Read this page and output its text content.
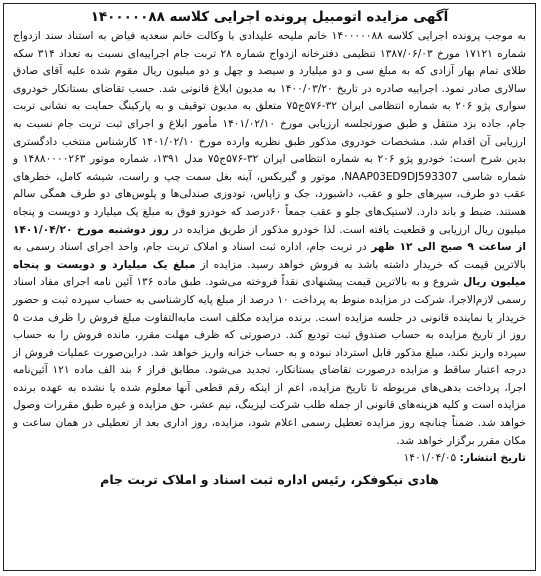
آگهی مزایده اتومبیل پرونده اجرایی کلاسه ۱۴۰۰۰۰۰۸۸

به موجب پرونده اجرایی کلاسه ۱۴۰۰۰۰۰۸۸ خانم ملیحه علیدادی با وکالت خانم سعدیه فیاض به استناد سند ازدواج شماره ۱۷۱۲۱ مورخ ۱۳۸۷/۰۶/۰۳ تنظیمی دفترخانه ازدواج شماره ۲۸ تربت جام اجراییه‌ای نسبت به تعداد ۳۱۴ سکه طلای تمام بهار آزادی که به مبلغ سی و دو میلیارد و سیصد و چهل و دو میلیون ریال مقوم شده علیه آقای صادق سالاری صادر نمود. اجراییه صادره در تاریخ ۱۴۰۰/۰۳/۲۰ به مدیون ابلاغ قانونی شد. حسب تقاضای بستانکار خودروی سواری پژو ۲۰۶ به شماره انتظامی ایران ۳۲-۵۷۶ج۷۵ متعلق به مدیون توقیف و به پارکینگ حمایت به نشانی تربت جام، جاده بزد منتقل و طبق صورتجلسه ارزیابی مورخ ۱۴۰۱/۰۲/۱۰ مأمور ابلاغ و اجرای ثبت تربت جام نسبت به ارزیابی آن اقدام شد. مشخصات خودروی مذکور طبق نظریه وارده مورخ ۱۴۰۱/۰۲/۱۰ کارشناس منتخب دادگستری بدین شرح است: خودرو پژو ۲۰۶ به شماره انتظامی ایران ۳۲-۵۷۶ج۷۵ مدل ۱۳۹۱، شماره موتور ۱۴۸۸۰۰۰۰۲۶۳ و شماره شاسی NAAP03ED9DJ593307، موتور و گیربکس، آینه بغل سمت چپ و راست، شیشه کامل، خطرهای عقب دو طرف، سپرهای جلو و عقب، داشبورد، جک و زاپاس، تودوزی صندلی‌ها و پلوس‌های دو طرف همگی سالم هستند. ضبط و باند دارد. لاستیک‌های جلو و عقب جمعاً ۶۰درصد که خودرو فوق به مبلغ یک میلیارد و دویست و پنجاه میلیون ریال ارزیابی و قطعیت یافته است. لذا خودرو مذکور از طریق مزایده در روز دوشنبه مورخ ۱۴۰۱/۰۴/۲۰ از ساعت ۹ صبح الی ۱۲ ظهر در تربت جام، اداره ثبت اسناد و املاک تربت جام، واحد اجرای اسناد رسمی به بالاترین قیمت که خریدار داشته باشد به فروش خواهد رسید. مزایده از مبلغ یک میلیارد و دویست و پنجاه میلیون ریال شروع و به بالاترین قیمت پیشنهادی نقداً فروخته می‌شود. طبق ماده ۱۳۶ آئین نامه اجرای مفاد اسناد رسمی لازم‌الاجرا، شرکت در مزایده منوط به پرداخت ۱۰ درصد از مبلغ پایه کارشناسی به حساب سپرده ثبت و حضور خریدار یا نماینده قانونی در جلسه مزایده است. برنده مزایده مکلف است مابه‌التفاوت مبلغ فروش را ظرف مدت ۵ روز از تاریخ مزایده به حساب صندوق ثبت تودیع کند. درصورتی که ظرف مهلت مقرر، مانده فروش را به حساب سپرده واریز نکند، مبلغ مذکور قابل استرداد نبوده و به حساب خزانه واریز خواهد شد. دراین‌صورت عملیات فروش از درجه اعتبار ساقط و مزایده درصورت تقاضای بستانکار، تجدید می‌شود. مطابق فراز ۶ بند الف ماده ۱۲۱ آئین‌نامه اجرا، پرداخت بدهی‌های مربوطه تا تاریخ مزایده، اعم از اینکه رقم قطعی آنها معلوم شده یا نشده به عهده برنده مزایده است و کلیه هزینه‌های قانونی از جمله طلب شرکت لیزینگ، نیم عشر، حق مزایده و غیره طبق مقررات وصول خواهد شد. ضمناً چنانچه روز مزایده تعطیل رسمی اعلام شود، مزایده، روز اداری بعد از تعطیلی در همان ساعت و مکان مقرر برگزار خواهد شد.

تاریخ انتشار: ۱۴۰۱/۰۴/۰۵

هادی نیکوفکر، رئیس اداره ثبت اسناد و املاک تربت جام
